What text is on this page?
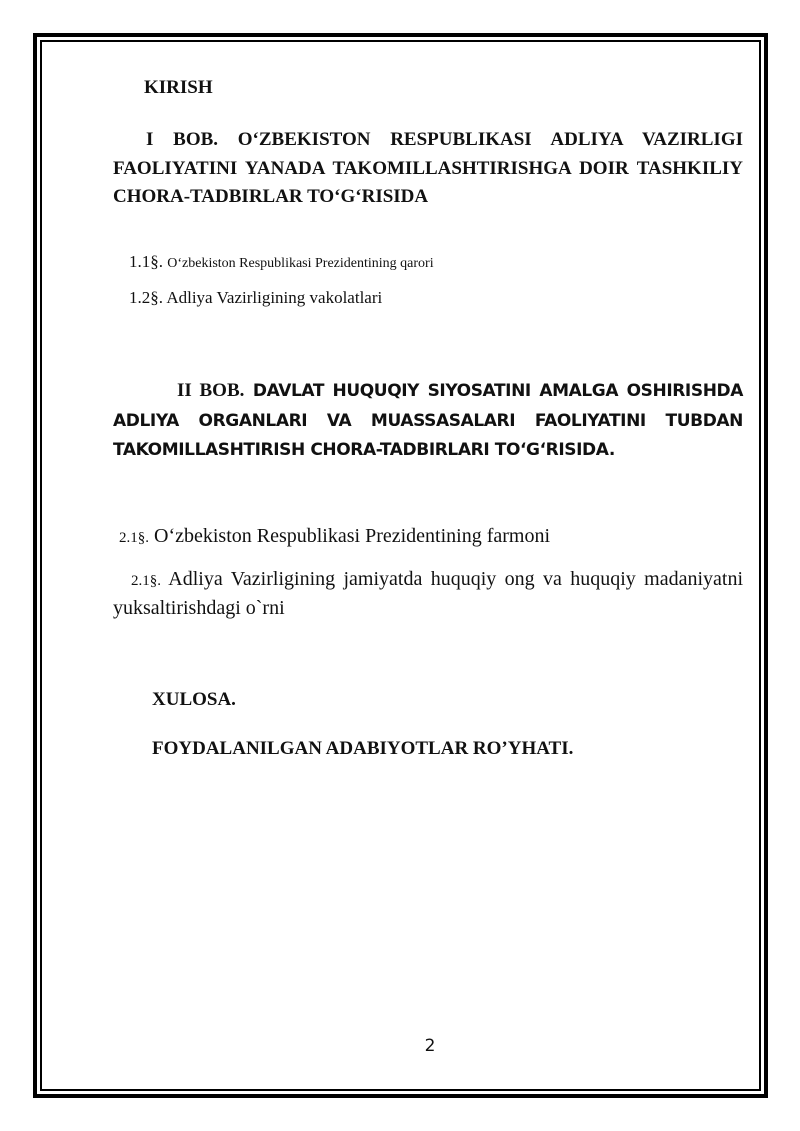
KIRISH
I BOB. O‘ZBEKISTON RESPUBLIKASI ADLIYA VAZIRLIGI FAOLIYATINI YANADA TAKOMILLASHTIRISHGA DOIR TASHKILIY CHORA-TADBIRLAR TO‘G‘RISIDA
1.1§. O‘zbekiston Respublikasi Prezidentining qarori
1.2§. Adliya Vazirligining vakolatlari
II BOB. DAVLAT HUQUQIY SIYOSATINI AMALGA OSHIRISHDA ADLIYA ORGANLARI VA MUASSASALARI FAOLIYATINI TUBDAN TAKOMILLASHTIRISH CHORA-TADBIRLARI TO‘G‘RISIDA.
2.1§. O‘zbekiston Respublikasi Prezidentining farmoni
2.1§. Adliya Vazirligining jamiyatda huquqiy ong va huquqiy madaniyatni yuksaltirishdagi o`rni
XULOSA.
FOYDALANILGAN ADABIYOTLAR RO’YHATI.
2
